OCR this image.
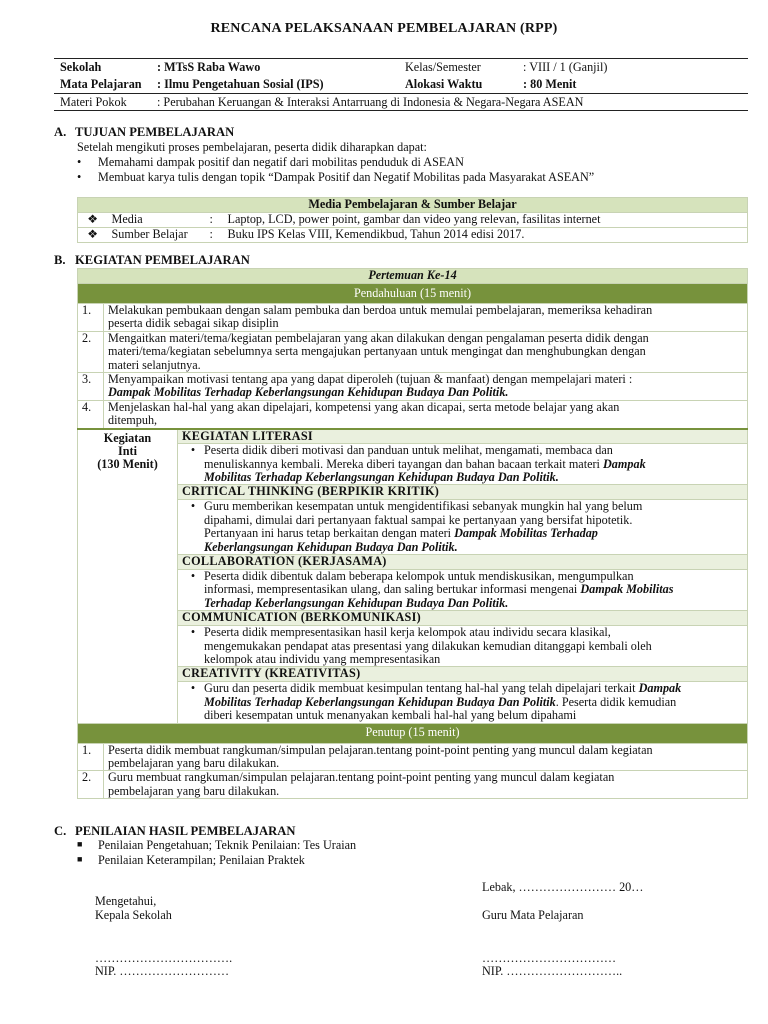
RENCANA PELAKSANAAN PEMBELAJARAN (RPP)
Sekolah	: MTsS Raba Wawo	Kelas/Semester	: VIII / 1 (Ganjil)
Mata Pelajaran : Ilmu Pengetahuan Sosial (IPS)	Alokasi Waktu	: 80 Menit
Materi Pokok : Perubahan Keruangan & Interaksi Antarruang di Indonesia & Negara-Negara ASEAN
A. TUJUAN PEMBELAJARAN
Setelah mengikuti proses pembelajaran, peserta didik diharapkan dapat:
• Memahami dampak positif dan negatif dari mobilitas penduduk di ASEAN
• Membuat karya tulis dengan topik “Dampak Positif dan Negatif Mobilitas pada Masyarakat ASEAN”
Media Pembelajaran & Sumber Belajar			
❖	Media	:	Laptop, LCD, power point, gambar dan video yang relevan, fasilitas internet
❖	Sumber Belajar	:	Buku IPS Kelas VIII, Kemendikbud, Tahun 2014 edisi 2017.
B. KEGIATAN PEMBELAJARAN
Pertemuan Ke-14		
Pendahuluan (15 menit)		
1.	Melakukan pembukaan dengan salam pembuka dan berdoa untuk memulai pembelajaran, memeriksa kehadiran
peserta didik sebagai sikap disiplin	

2.	Mengaitkan materi/tema/kegiatan pembelajaran yang akan dilakukan dengan pengalaman peserta didik dengan
materi/tema/kegiatan sebelumnya serta mengajukan pertanyaan untuk mengingat dan menghubungkan dengan
materi selanjutnya.	

3.	Menyampaikan motivasi tentang apa yang dapat diperoleh (tujuan & manfaat) dengan mempelajari materi :
Dampak Mobilitas Terhadap Keberlangsungan Kehidupan Budaya Dan Politik.	

4.	Menjelaskan hal-hal yang akan dipelajari, kompetensi yang akan dicapai, serta metode belajar yang akan
ditempuh,	

Kegiatan
Inti
(130 Menit)		KEGIATAN LITERASI

		• Peserta didik diberi motivasi dan panduan untuk melihat, mengamati, membaca dan
menuliskannya kembali. Mereka diberi tayangan dan bahan bacaan terkait materi Dampak
Mobilitas Terhadap Keberlangsungan Kehidupan Budaya Dan Politik.

		CRITICAL THINKING (BERPIKIR KRITIK)

		• Guru memberikan kesempatan untuk mengidentifikasi sebanyak mungkin hal yang belum
dipahami, dimulai dari pertanyaan faktual sampai ke pertanyaan yang bersifat hipotetik.
Pertanyaan ini harus tetap berkaitan dengan materi Dampak Mobilitas Terhadap
Keberlangsungan Kehidupan Budaya Dan Politik.

		COLLABORATION (KERJASAMA)

		• Peserta didik dibentuk dalam beberapa kelompok untuk mendiskusikan, mengumpulkan
informasi, mempresentasikan ulang, dan saling bertukar informasi mengenai Dampak Mobilitas
Terhadap Keberlangsungan Kehidupan Budaya Dan Politik.

		COMMUNICATION (BERKOMUNIKASI)

		• Peserta didik mempresentasikan hasil kerja kelompok atau individu secara klasikal,
mengemukakan pendapat atas presentasi yang dilakukan kemudian ditanggapi kembali oleh
kelompok atau individu yang mempresentasikan

		CREATIVITY (KREATIVITAS)

		• Guru dan peserta didik membuat kesimpulan tentang hal-hal yang telah dipelajari terkait Dampak
Mobilitas Terhadap Keberlangsungan Kehidupan Budaya Dan Politik. Peserta didik kemudian
diberi kesempatan untuk menanyakan kembali hal-hal yang belum dipahami

Penutup (15 menit)		
1.	Peserta didik membuat rangkuman/simpulan pelajaran.tentang point-point penting yang muncul dalam kegiatan
pembelajaran yang baru dilakukan.	

2.	Guru membuat rangkuman/simpulan pelajaran.tentang point-point penting yang muncul dalam kegiatan
pembelajaran yang baru dilakukan.	
C. PENILAIAN HASIL PEMBELAJARAN
■ Penilaian Pengetahuan; Teknik Penilaian: Tes Uraian
■ Penilaian Keterampilan; Penilaian Praktek
Lebak, …………………… 20…
Mengetahui,
Kepala Sekolah	Guru Mata Pelajaran
…………………………….
NIP. ………………………
……………………………
NIP. ………………………..
